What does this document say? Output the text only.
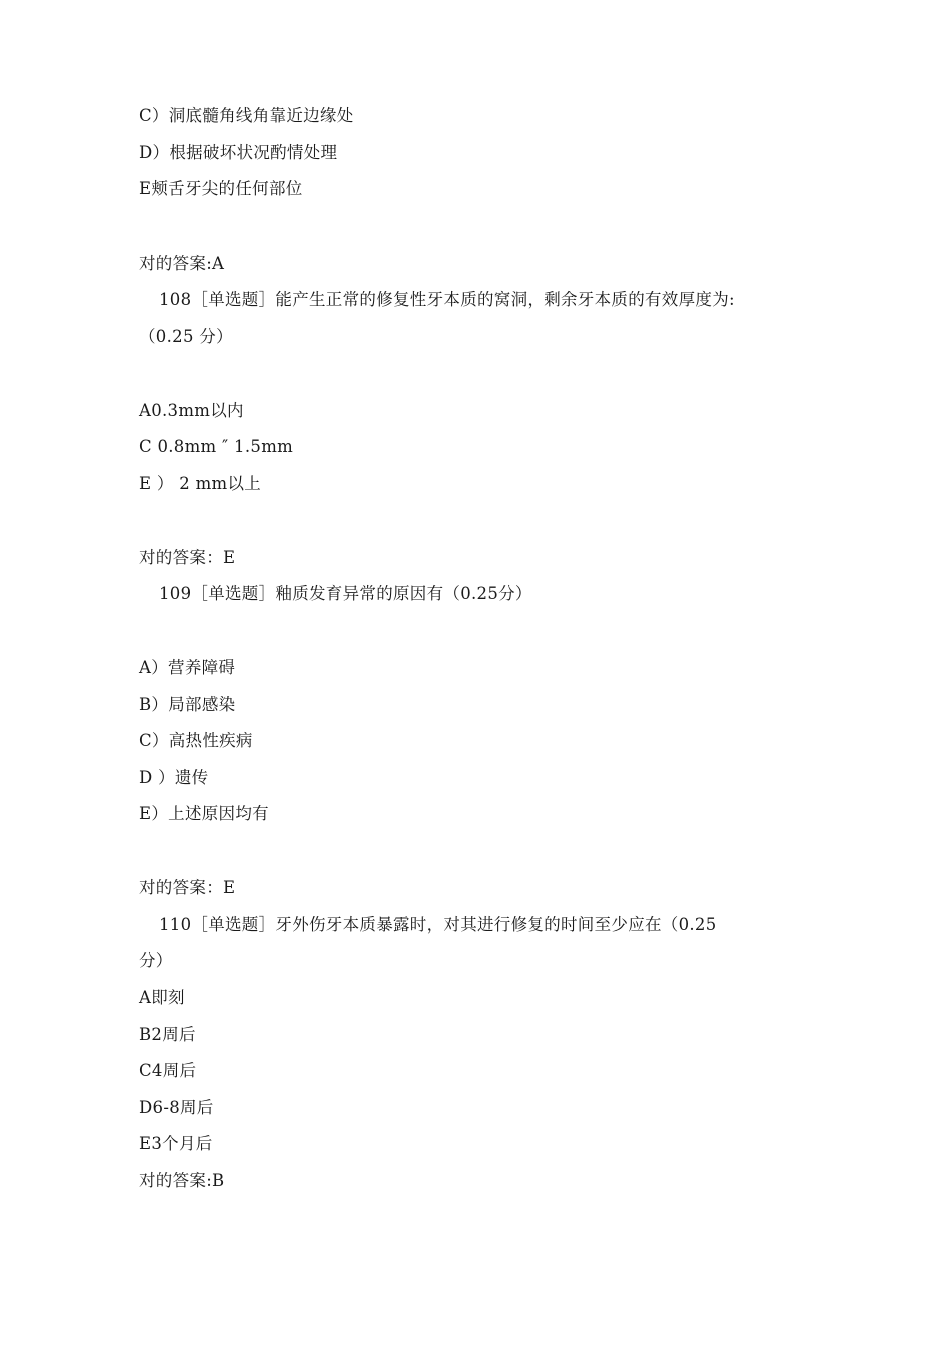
C）洞底髓角线角靠近边缘处
D）根据破坏状况酌情处理
E颊舌牙尖的任何部位
对的答案:A
108［单选题］能产生正常的修复性牙本质的窝洞，剩余牙本质的有效厚度为:
（0.25 分）
A0.3mm以内
C 0.8mm ″ 1.5mm
E ） 2 mm以上
对的答案：E
109［单选题］釉质发育异常的原因有（0.25分）
A）营养障碍
B）局部感染
C）高热性疾病
D ）遗传
E）上述原因均有
对的答案：E
110［单选题］牙外伤牙本质暴露时，对其进行修复的时间至少应在（0.25
分）
A即刻
B2周后
C4周后
D6-8周后
E3个月后
对的答案:B
